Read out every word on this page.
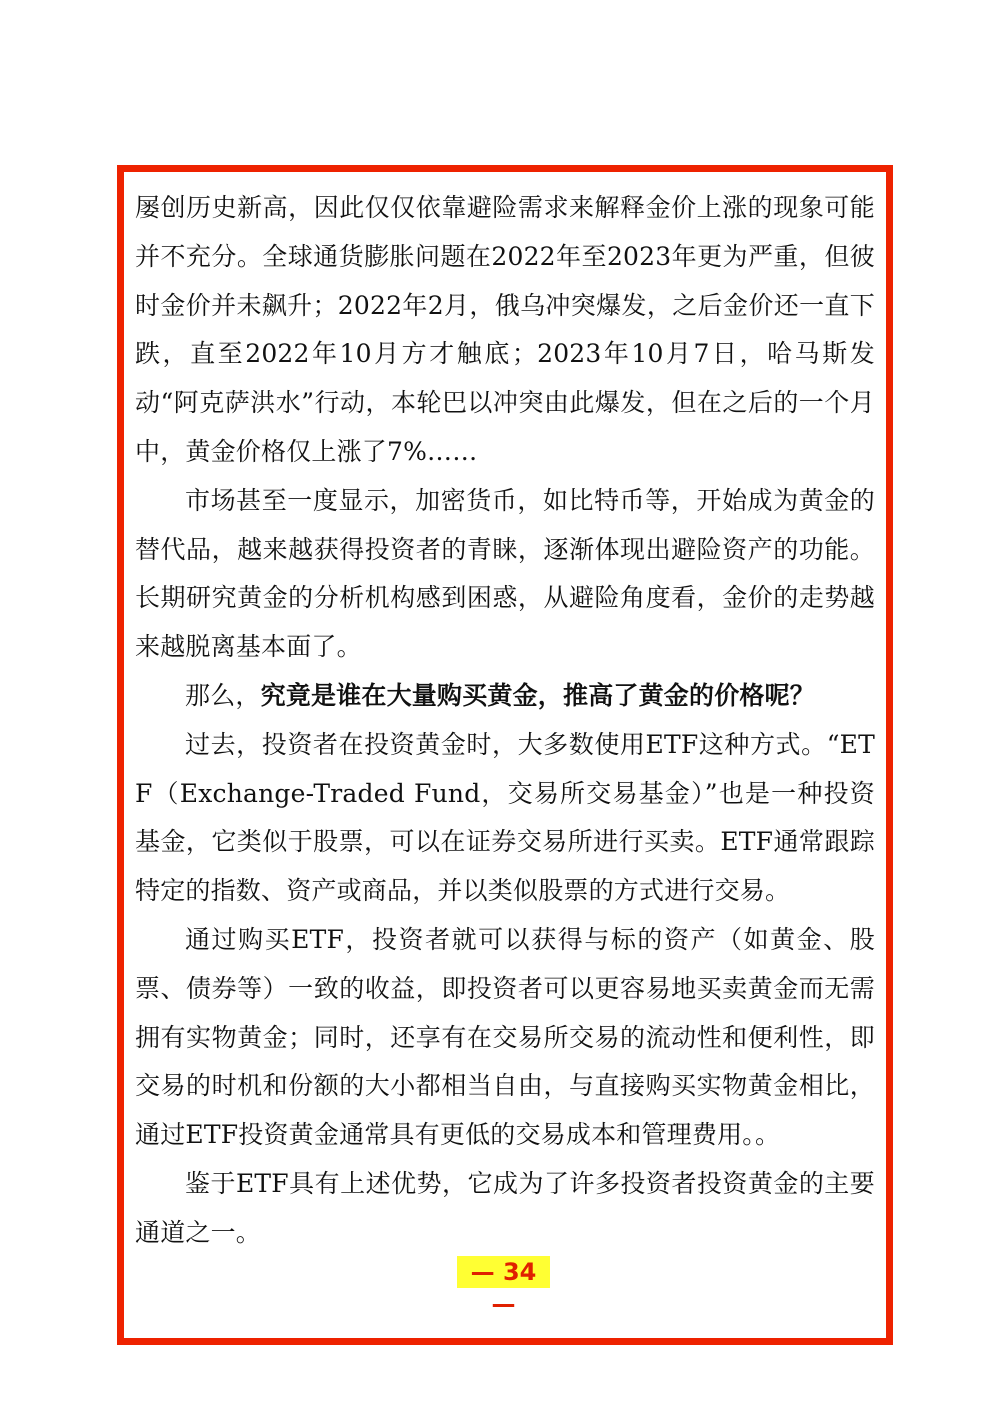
屡创历史新高，因此仅仅依靠避险需求来解释金价上涨的现象可能并不充分。全球通货膨胀问题在2022年至2023年更为严重，但彼时金价并未飙升；2022年2月，俄乌冲突爆发，之后金价还一直下跌，直至2022年10月方才触底；2023年10月7日，哈马斯发动“阿克萨洪水”行动，本轮巴以冲突由此爆发，但在之后的一个月中，黄金价格仅上涨了7%……

市场甚至一度显示，加密货币，如比特币等，开始成为黄金的替代品，越来越获得投资者的青睐，逐渐体现出避险资产的功能。长期研究黄金的分析机构感到困惑，从避险角度看，金价的走势越来越脱离基本面了。

那么，究竟是谁在大量购买黄金，推高了黄金的价格呢？

过去，投资者在投资黄金时，大多数使用ETF这种方式。“ETF（Exchange-Traded Fund，交易所交易基金）”也是一种投资基金，它类似于股票，可以在证券交易所进行买卖。ETF通常跟踪特定的指数、资产或商品，并以类似股票的方式进行交易。

通过购买ETF，投资者就可以获得与标的资产（如黄金、股票、债券等）一致的收益，即投资者可以更容易地买卖黄金而无需拥有实物黄金；同时，还享有在交易所交易的流动性和便利性，即交易的时机和份额的大小都相当自由，与直接购买实物黄金相比，通过ETF投资黄金通常具有更低的交易成本和管理费用。。

鉴于ETF具有上述优势，它成为了许多投资者投资黄金的主要通道之一。

— 34 —
